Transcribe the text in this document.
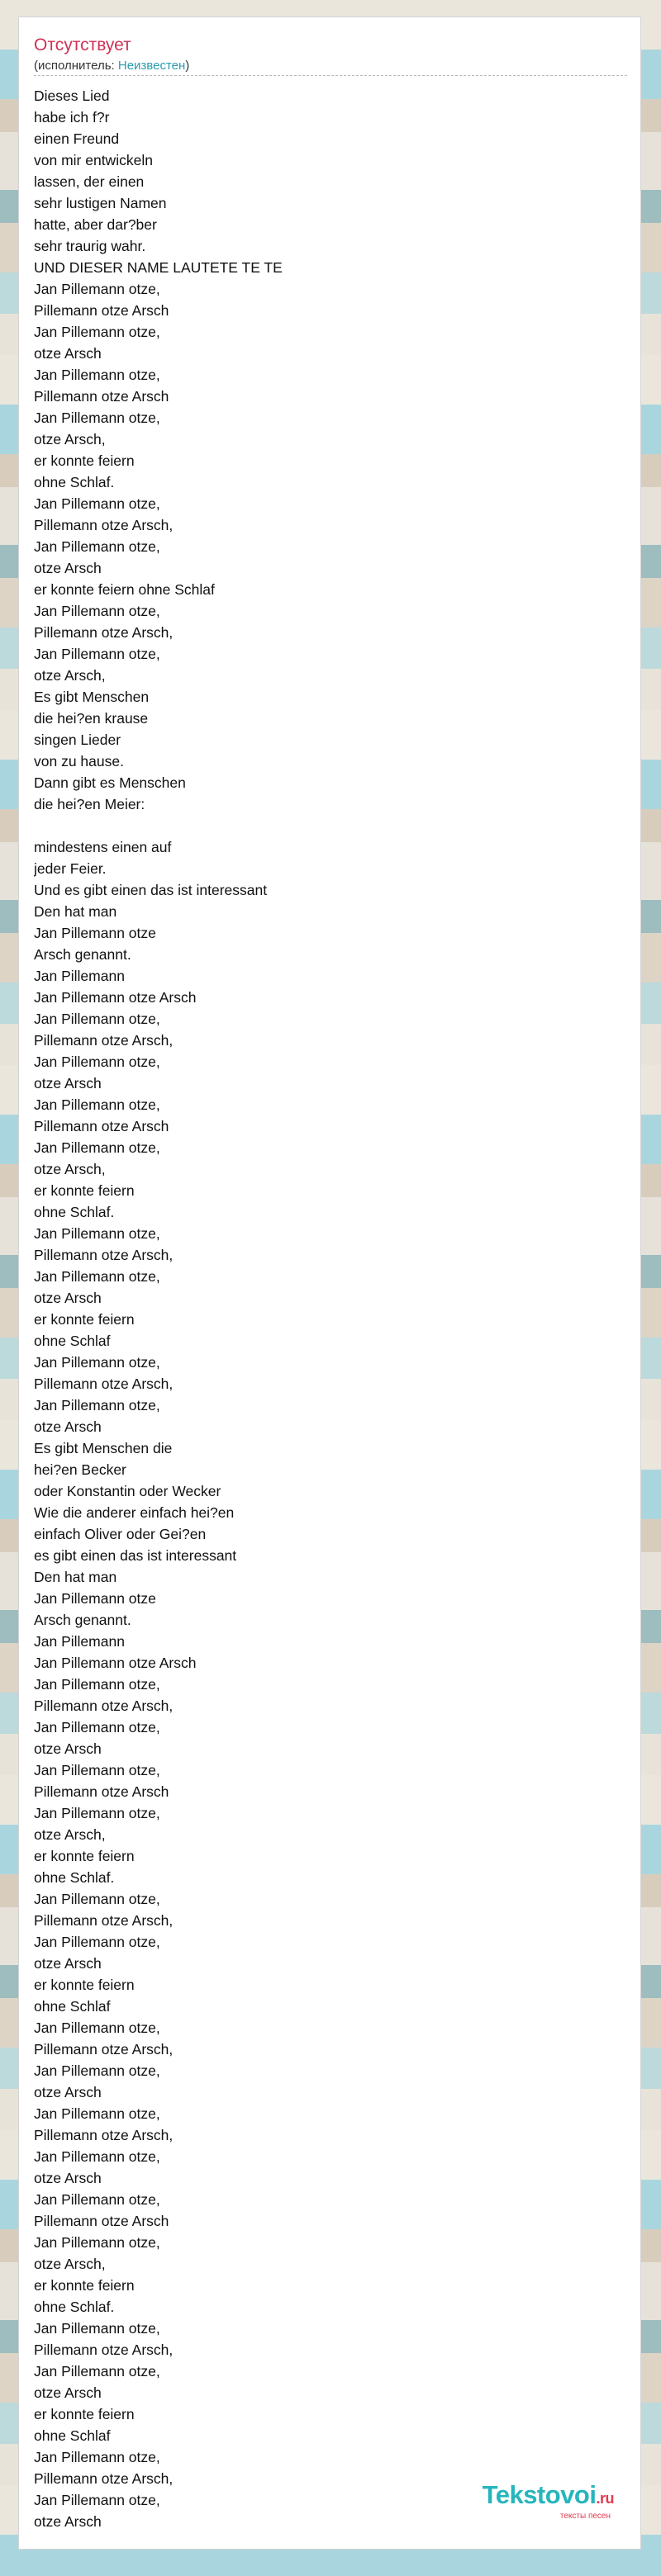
Отсутствует
(исполнитель: Неизвестен)
Dieses Lied
habe ich f?r
einen Freund
von mir entwickeln
lassen, der einen
sehr lustigen Namen
hatte, aber dar?ber
sehr traurig wahr.
UND DIESER NAME LAUTETE TE TE
Jan Pillemann otze,
Pillemann otze Arsch
Jan Pillemann otze,
otze Arsch
Jan Pillemann otze,
Pillemann otze Arsch
Jan Pillemann otze,
otze Arsch,
er konnte feiern
ohne Schlaf.
Jan Pillemann otze,
Pillemann otze Arsch,
Jan Pillemann otze,
otze Arsch
er konnte feiern ohne Schlaf
Jan Pillemann otze,
Pillemann otze Arsch,
Jan Pillemann otze,
otze Arsch,
Es gibt Menschen
die hei?en krause
singen Lieder
von zu hause.
Dann gibt es Menschen
die hei?en Meier:
mindestens einen auf
jeder Feier.
Und es gibt einen das ist interessant
Den hat man
Jan Pillemann otze
Arsch genannt.
Jan Pillemann
Jan Pillemann otze Arsch
Jan Pillemann otze,
Pillemann otze Arsch,
Jan Pillemann otze,
otze Arsch
Jan Pillemann otze,
Pillemann otze Arsch
Jan Pillemann otze,
otze Arsch,
er konnte feiern
ohne Schlaf.
Jan Pillemann otze,
Pillemann otze Arsch,
Jan Pillemann otze,
otze Arsch
er konnte feiern
ohne Schlaf
Jan Pillemann otze,
Pillemann otze Arsch,
Jan Pillemann otze,
otze Arsch
Es gibt Menschen die
hei?en Becker
oder Konstantin oder Wecker
Wie die anderer einfach hei?en
einfach Oliver oder Gei?en
es gibt einen das ist interessant
Den hat man
Jan Pillemann otze
Arsch genannt.
Jan Pillemann
Jan Pillemann otze Arsch
Jan Pillemann otze,
Pillemann otze Arsch,
Jan Pillemann otze,
otze Arsch
Jan Pillemann otze,
Pillemann otze Arsch
Jan Pillemann otze,
otze Arsch,
er konnte feiern
ohne Schlaf.
Jan Pillemann otze,
Pillemann otze Arsch,
Jan Pillemann otze,
otze Arsch
er konnte feiern
ohne Schlaf
Jan Pillemann otze,
Pillemann otze Arsch,
Jan Pillemann otze,
otze Arsch
Jan Pillemann otze,
Pillemann otze Arsch,
Jan Pillemann otze,
otze Arsch
Jan Pillemann otze,
Pillemann otze Arsch
Jan Pillemann otze,
otze Arsch,
er konnte feiern
ohne Schlaf.
Jan Pillemann otze,
Pillemann otze Arsch,
Jan Pillemann otze,
otze Arsch
er konnte feiern
ohne Schlaf
Jan Pillemann otze,
Pillemann otze Arsch,
Jan Pillemann otze,
otze Arsch
Tekstovoi.ru
тексты песен
